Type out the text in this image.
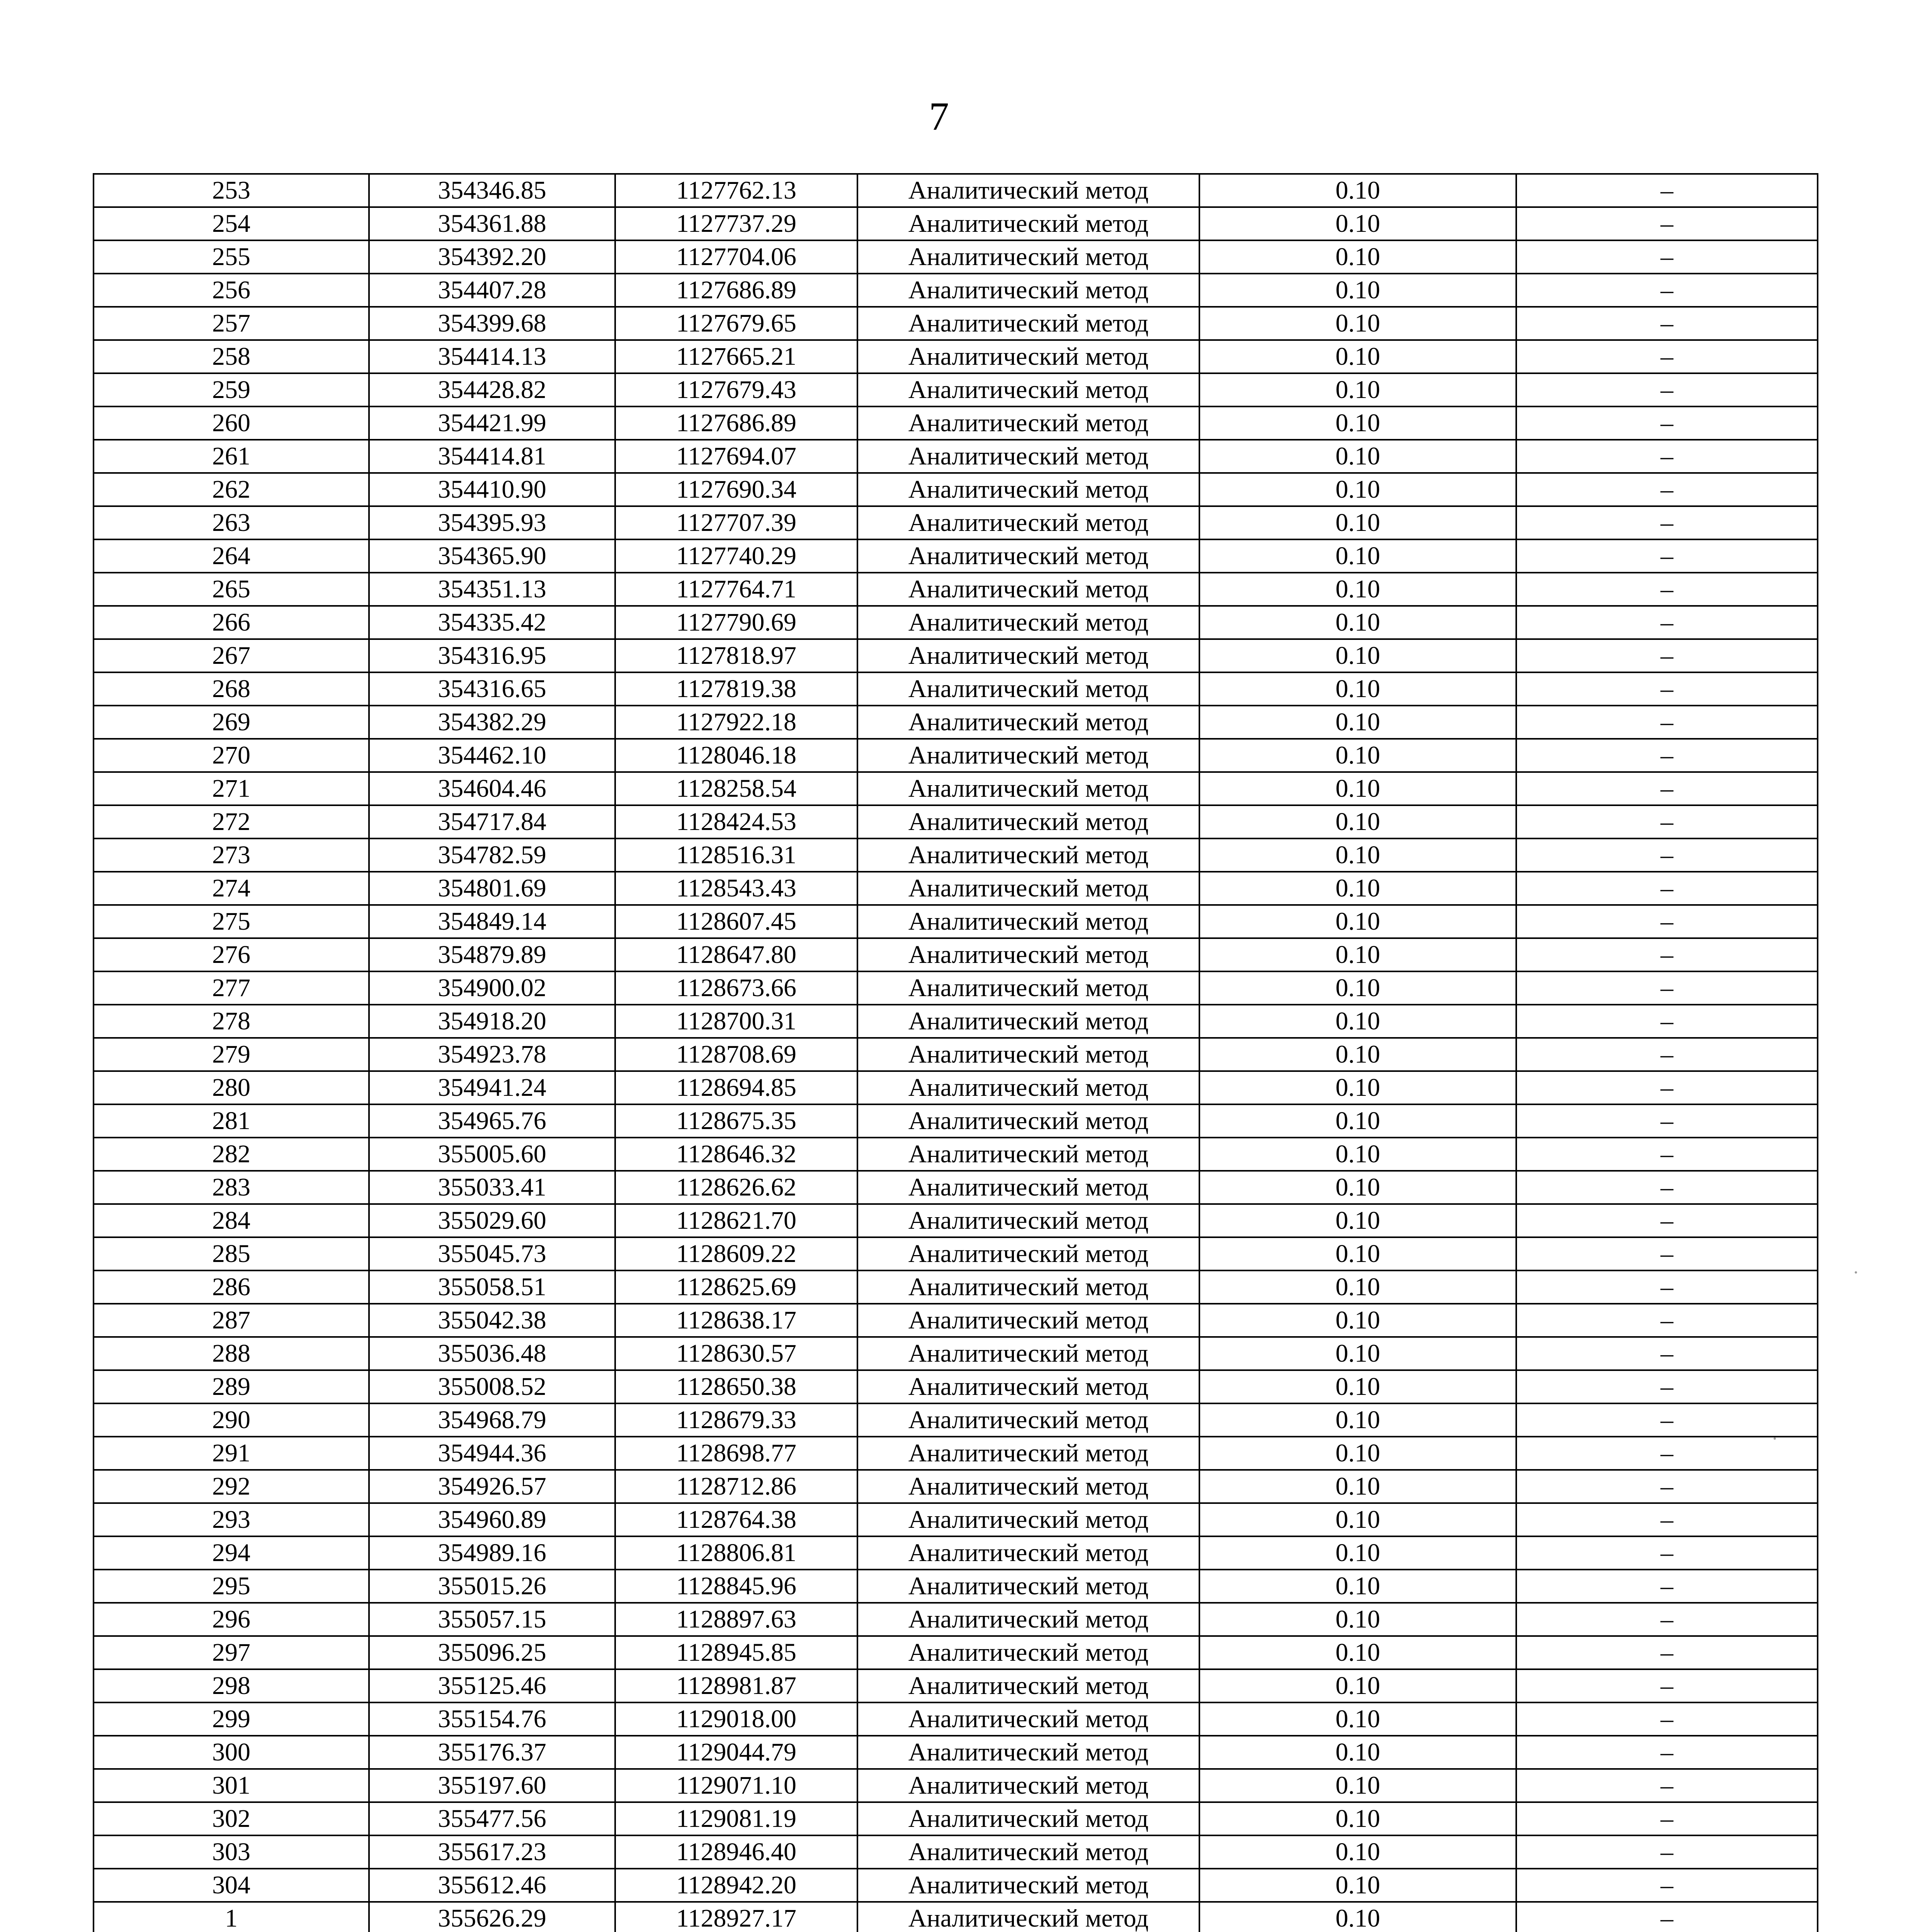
7
253	354346.85	1127762.13	Аналитический метод	0.10	–
254	354361.88	1127737.29	Аналитический метод	0.10	–
255	354392.20	1127704.06	Аналитический метод	0.10	–
256	354407.28	1127686.89	Аналитический метод	0.10	–
257	354399.68	1127679.65	Аналитический метод	0.10	–
258	354414.13	1127665.21	Аналитический метод	0.10	–
259	354428.82	1127679.43	Аналитический метод	0.10	–
260	354421.99	1127686.89	Аналитический метод	0.10	–
261	354414.81	1127694.07	Аналитический метод	0.10	–
262	354410.90	1127690.34	Аналитический метод	0.10	–
263	354395.93	1127707.39	Аналитический метод	0.10	–
264	354365.90	1127740.29	Аналитический метод	0.10	–
265	354351.13	1127764.71	Аналитический метод	0.10	–
266	354335.42	1127790.69	Аналитический метод	0.10	–
267	354316.95	1127818.97	Аналитический метод	0.10	–
268	354316.65	1127819.38	Аналитический метод	0.10	–
269	354382.29	1127922.18	Аналитический метод	0.10	–
270	354462.10	1128046.18	Аналитический метод	0.10	–
271	354604.46	1128258.54	Аналитический метод	0.10	–
272	354717.84	1128424.53	Аналитический метод	0.10	–
273	354782.59	1128516.31	Аналитический метод	0.10	–
274	354801.69	1128543.43	Аналитический метод	0.10	–
275	354849.14	1128607.45	Аналитический метод	0.10	–
276	354879.89	1128647.80	Аналитический метод	0.10	–
277	354900.02	1128673.66	Аналитический метод	0.10	–
278	354918.20	1128700.31	Аналитический метод	0.10	–
279	354923.78	1128708.69	Аналитический метод	0.10	–
280	354941.24	1128694.85	Аналитический метод	0.10	–
281	354965.76	1128675.35	Аналитический метод	0.10	–
282	355005.60	1128646.32	Аналитический метод	0.10	–
283	355033.41	1128626.62	Аналитический метод	0.10	–
284	355029.60	1128621.70	Аналитический метод	0.10	–
285	355045.73	1128609.22	Аналитический метод	0.10	–
286	355058.51	1128625.69	Аналитический метод	0.10	–
287	355042.38	1128638.17	Аналитический метод	0.10	–
288	355036.48	1128630.57	Аналитический метод	0.10	–
289	355008.52	1128650.38	Аналитический метод	0.10	–
290	354968.79	1128679.33	Аналитический метод	0.10	–
291	354944.36	1128698.77	Аналитический метод	0.10	–
292	354926.57	1128712.86	Аналитический метод	0.10	–
293	354960.89	1128764.38	Аналитический метод	0.10	–
294	354989.16	1128806.81	Аналитический метод	0.10	–
295	355015.26	1128845.96	Аналитический метод	0.10	–
296	355057.15	1128897.63	Аналитический метод	0.10	–
297	355096.25	1128945.85	Аналитический метод	0.10	–
298	355125.46	1128981.87	Аналитический метод	0.10	–
299	355154.76	1129018.00	Аналитический метод	0.10	–
300	355176.37	1129044.79	Аналитический метод	0.10	–
301	355197.60	1129071.10	Аналитический метод	0.10	–
302	355477.56	1129081.19	Аналитический метод	0.10	–
303	355617.23	1128946.40	Аналитический метод	0.10	–
304	355612.46	1128942.20	Аналитический метод	0.10	–
1	355626.29	1128927.17	Аналитический метод	0.10	–
